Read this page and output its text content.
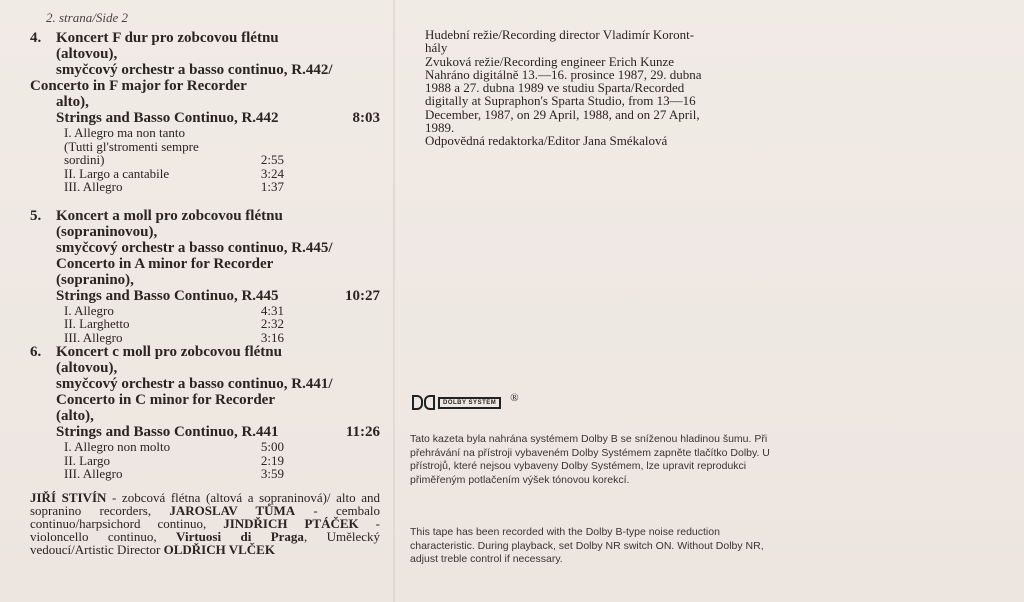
2. strana/Side 2
4. Koncert F dur pro zobcovou flétnu
(altovou),
smyčcový orchestr a basso continuo, R.442/
Concerto in F major for Recorder
alto),
Strings and Basso Continuo, R.442	8:03
I. Allegro ma non tanto
(Tutti gl'stromenti sempre
sordini)	2:55
II. Largo a cantabile	3:24
III. Allegro	1:37
5. Koncert a moll pro zobcovou flétnu
(sopraninovou),
smyčcový orchestr a basso continuo, R.445/
Concerto in A minor for Recorder
(sopranino),
Strings and Basso Continuo, R.445	10:27
I. Allegro	4:31
II. Larghetto	2:32
III. Allegro	3:16
6. Koncert c moll pro zobcovou flétnu
(altovou),
smyčcový orchestr a basso continuo, R.441/
Concerto in C minor for Recorder
(alto),
Strings and Basso Continuo, R.441	11:26
I. Allegro non molto	5:00
II. Largo	2:19
III. Allegro	3:59
JIŘÍ STIVÍN - zobcová flétna (altová a sopraninová)/ alto and sopranino recorders, JAROSLAV TŮMA - cembalo continuo/harpsichord continuo, JINDŘICH PTÁČEK - violoncello continuo, Virtuosi di Praga, Umělecký vedoucí/Artistic Director OLDŘICH VLČEK
Hudební režie/Recording director Vladimír Koront-
hály
Zvuková režie/Recording engineer Erich Kunze
Nahráno digitálně 13.—16. prosince 1987, 29. dubna
1988 a 27. dubna 1989 ve studiu Sparta/Recorded
digitally at Supraphon's Sparta Studio, from 13—16
December, 1987, on 29 April, 1988, and on 27 April,
1989.
Odpovědná redaktorka/Editor Jana Smékalová
DOLBY SYSTEM	®
Tato kazeta byla nahrána systémem Dolby B se sníženou hladinou šumu. Při přehrávání na přístroji vybaveném Dolby Systémem zapněte tlačítko Dolby. U přístrojů, které nejsou vybaveny Dolby Systémem, lze upravit reprodukci přiměřeným potlačením výšek tónovou korekcí.
This tape has been recorded with the Dolby B-type noise reduction characteristic. During playback, set Dolby NR switch ON. Without Dolby NR, adjust treble control if necessary.
